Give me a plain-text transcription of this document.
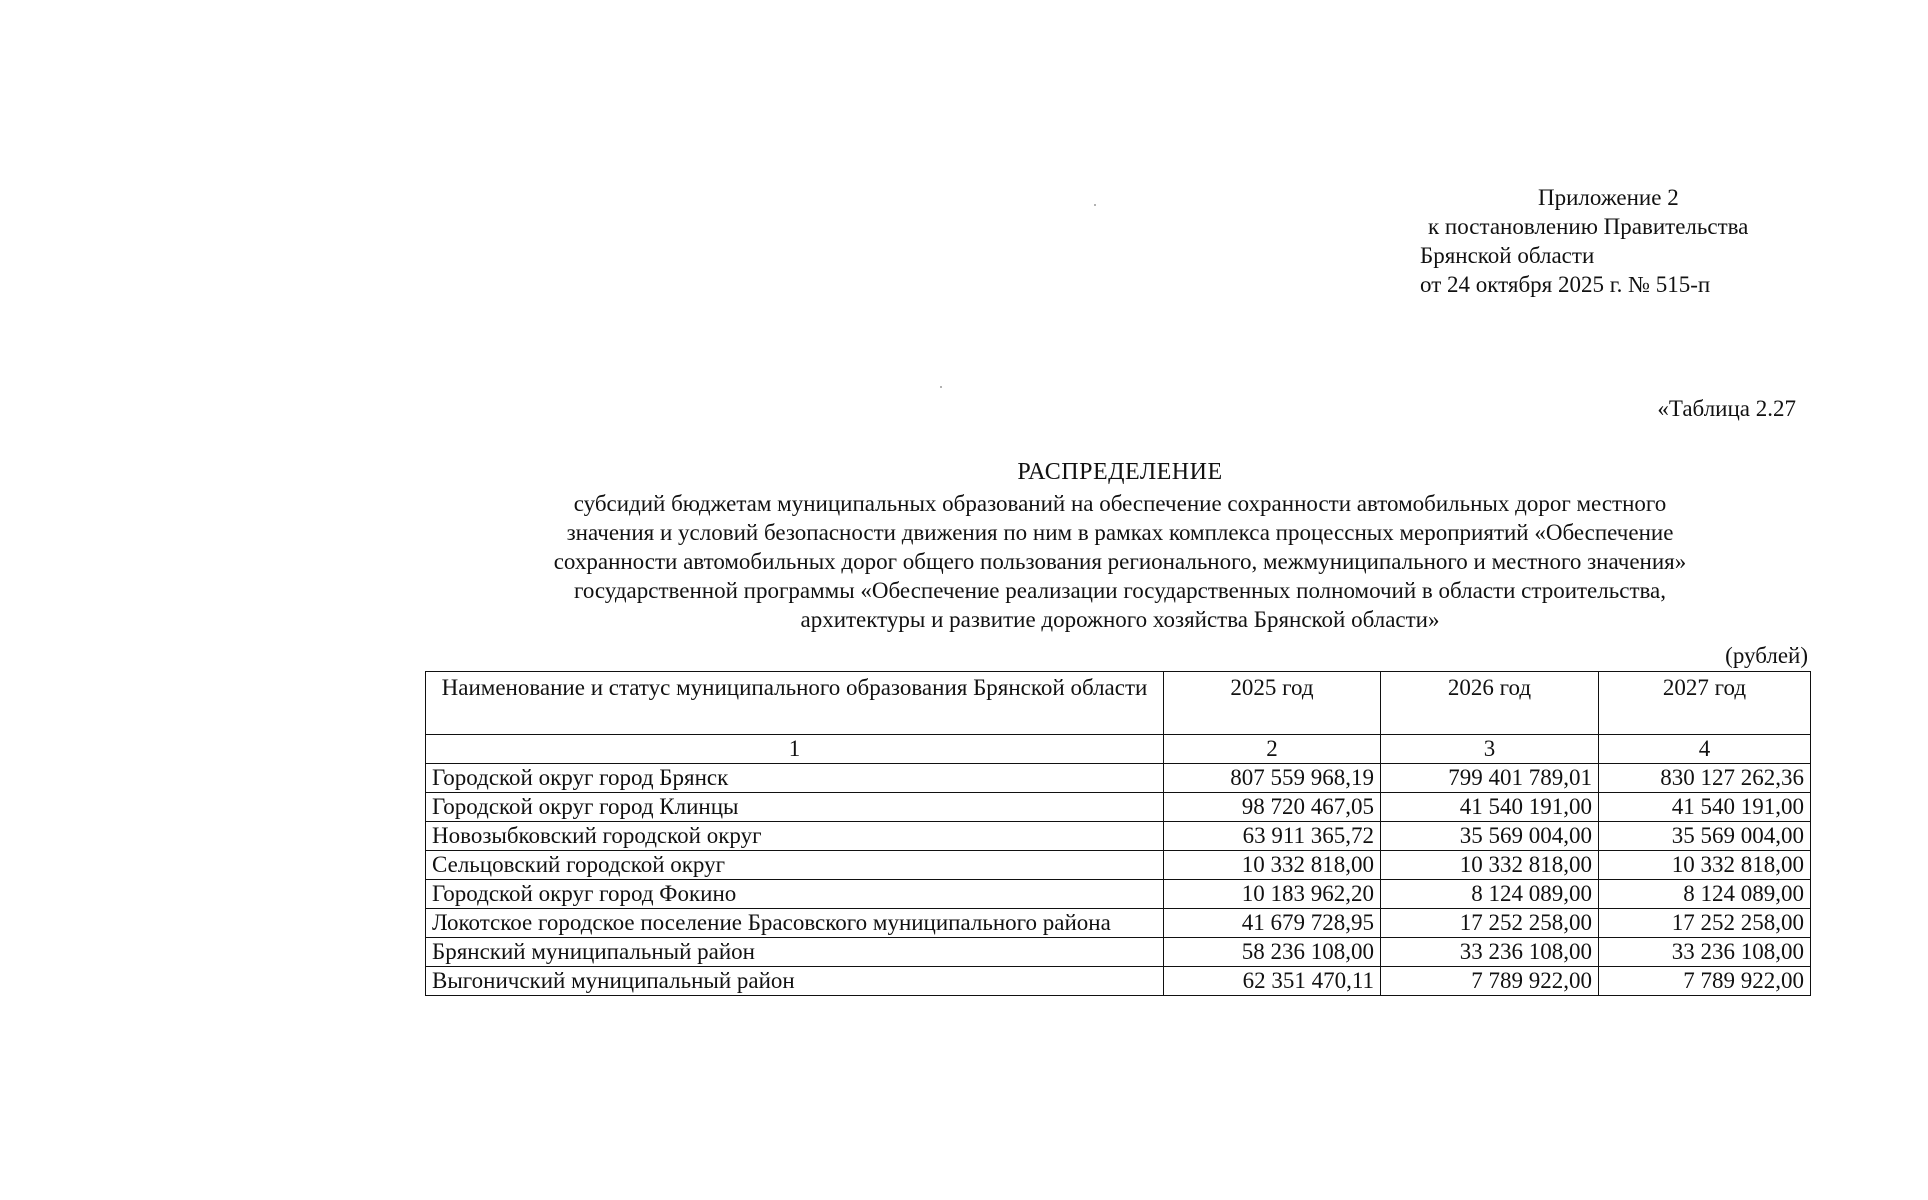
Приложение 2
к постановлению Правительства
Брянской области
от 24 октября 2025 г. № 515-п
«Таблица 2.27
РАСПРЕДЕЛЕНИЕ
субсидий бюджетам муниципальных образований на обеспечение сохранности автомобильных дорог местного
значения и условий безопасности движения по ним в рамках комплекса процессных мероприятий «Обеспечение
сохранности автомобильных дорог общего пользования регионального, межмуниципального и местного значения»
государственной программы «Обеспечение реализации государственных полномочий в области строительства,
архитектуры и развитие дорожного хозяйства Брянской области»
(рублей)
Наименование и статус муниципального образования Брянской области	2025 год	2026 год	2027 год
1	2	3	4
Городской округ город Брянск	807 559 968,19	799 401 789,01	830 127 262,36
Городской округ город Клинцы	98 720 467,05	41 540 191,00	41 540 191,00
Новозыбковский городской округ	63 911 365,72	35 569 004,00	35 569 004,00
Сельцовский городской округ	10 332 818,00	10 332 818,00	10 332 818,00
Городской округ город Фокино	10 183 962,20	8 124 089,00	8 124 089,00
Локотское городское поселение Брасовского муниципального района	41 679 728,95	17 252 258,00	17 252 258,00
Брянский муниципальный район	58 236 108,00	33 236 108,00	33 236 108,00
Выгоничский муниципальный район	62 351 470,11	7 789 922,00	7 789 922,00
